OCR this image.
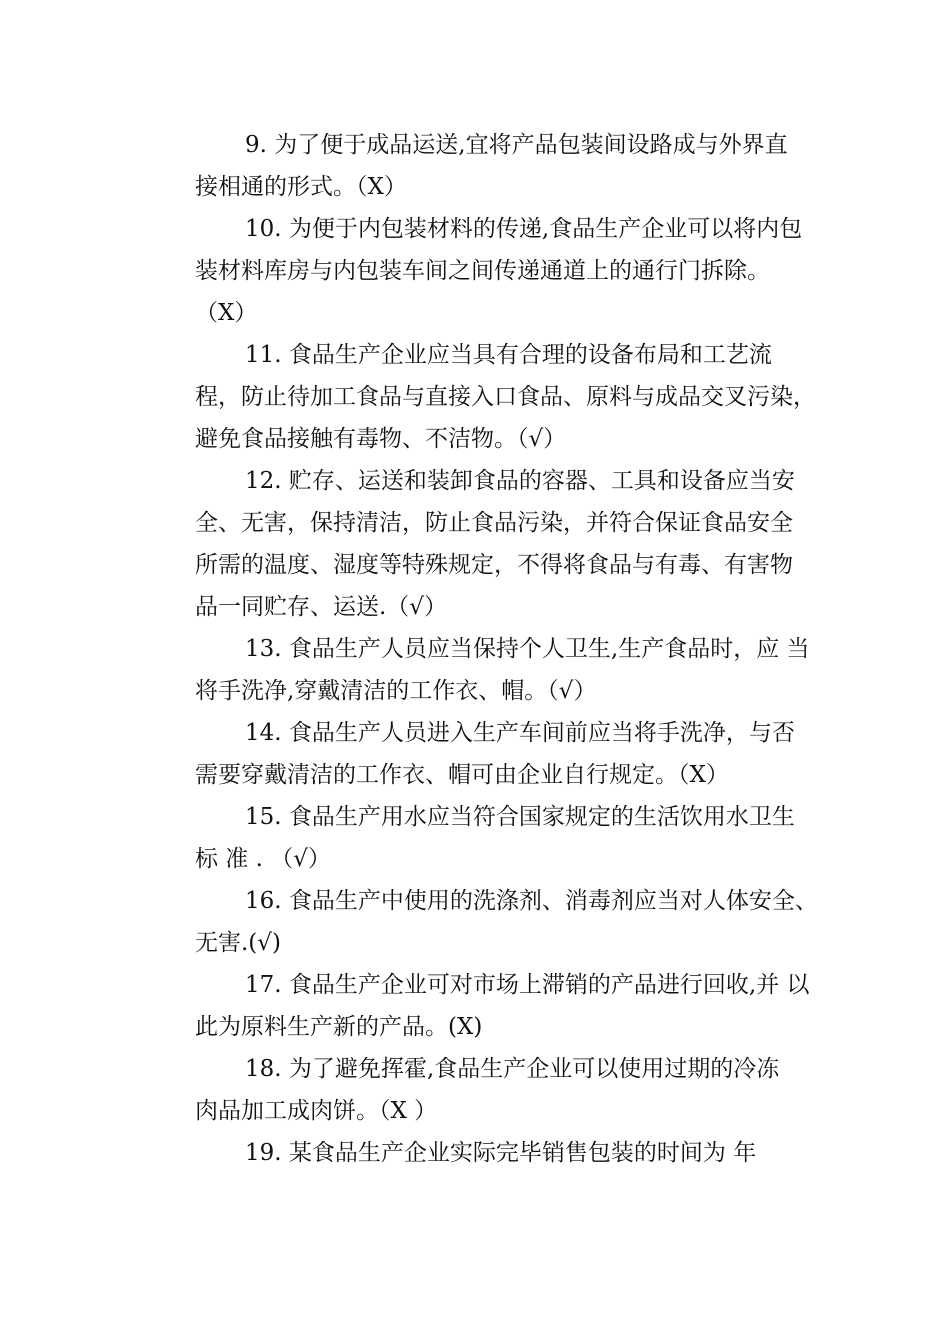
9. 为了便于成品运送,宜将产品包装间设路成与外界直
接相通的形式。（X）
10. 为便于内包装材料的传递,食品生产企业可以将内包
装材料库房与内包装车间之间传递通道上的通行门拆除。
（X）
11. 食品生产企业应当具有合理的设备布局和工艺流
程，防止待加工食品与直接入口食品、原料与成品交叉污染，
避免食品接触有毒物、不洁物。（√）
12. 贮存、运送和装卸食品的容器、工具和设备应当安
全、无害，保持清洁，防止食品污染，并符合保证食品安全
所需的温度、湿度等特殊规定，不得将食品与有毒、有害物
品一同贮存、运送.（√）
13. 食品生产人员应当保持个人卫生,生产食品时，应 当
将手洗净,穿戴清洁的工作衣、帽。（√）
14. 食品生产人员进入生产车间前应当将手洗净，与否
需要穿戴清洁的工作衣、帽可由企业自行规定。（X）
15. 食品生产用水应当符合国家规定的生活饮用水卫生
标 准 . （√）
16. 食品生产中使用的洗涤剂、消毒剂应当对人体安全、
无害.(√)
17. 食品生产企业可对市场上滞销的产品进行回收,并 以
此为原料生产新的产品。(X)
18. 为了避免挥霍,食品生产企业可以使用过期的冷冻
肉品加工成肉饼。（X ）
19. 某食品生产企业实际完毕销售包装的时间为 年
